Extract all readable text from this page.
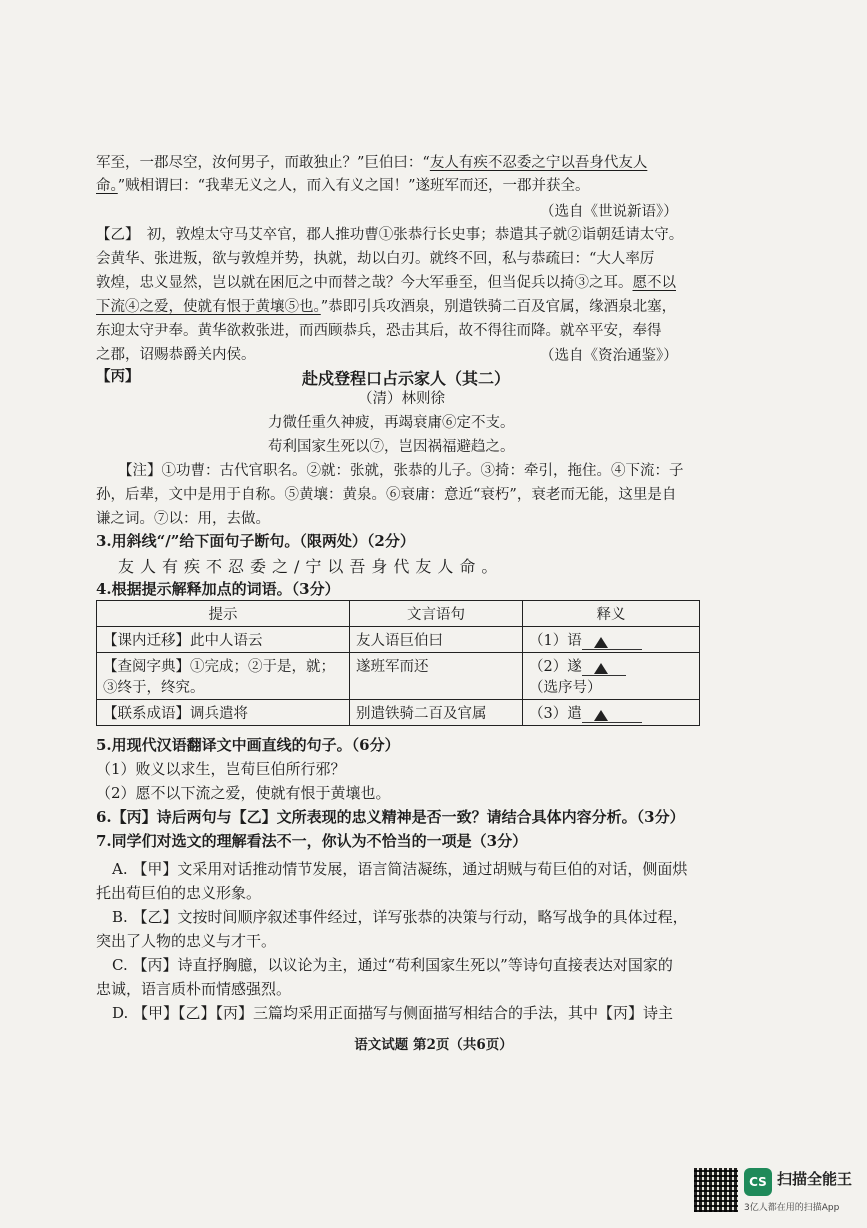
军至，一郡尽空，汝何男子，而敢独止？”巨伯曰：“友人有疾不忍委之宁以吾身代友人
命。”贼相谓曰：“我辈无义之人，而入有义之国！”遂班军而还，一郡并获全。
（选自《世说新语》）
【乙】　初，敦煌太守马艾卒官，郡人推功曹①张恭行长史事；恭遣其子就②诣朝廷请太守。
会黄华、张进叛，欲与敦煌并势，执就，劫以白刃。就终不回，私与恭疏曰：“大人率厉
敦煌，忠义显然，岂以就在困厄之中而替之哉？今大军垂至，但当促兵以掎③之耳。愿不以
下流④之爱，使就有恨于黄壤⑤也。”恭即引兵攻酒泉，别遣铁骑二百及官属，缘酒泉北塞，
东迎太守尹奉。黄华欲救张进，而西顾恭兵，恐击其后，故不得往而降。就卒平安，奉得
之郡，诏赐恭爵关内侯。	（选自《资治通鉴》）
【丙】	赴戍登程口占示家人（其二）
（清）林则徐
力微任重久神疲，再竭衰庸⑥定不支。
苟利国家生死以⑦，岂因祸福避趋之。
【注】①功曹：古代官职名。②就：张就，张恭的儿子。③掎：牵引，拖住。④下流：子
孙，后辈，文中是用于自称。⑤黄壤：黄泉。⑥衰庸：意近“衰朽”，衰老而无能，这里是自
谦之词。⑦以：用，去做。
3.用斜线“/”给下面句子断句。（限两处）（2分）
友人有疾不忍委之/宁以吾身代友人命。
4.根据提示解释加点的词语。（3分）
提示	文言语句	释义
【课内迁移】此中人语云	友人语巨伯曰	（1）语

【查阅字典】①完成；②于是，就；③终于，终究。	遂班军而还	（2）遂
（选序号）
【联系成语】调兵遣将	别遣铁骑二百及官属	（3）遣
5.用现代汉语翻译文中画直线的句子。（6分）
（1）败义以求生，岂荀巨伯所行邪？
（2）愿不以下流之爱，使就有恨于黄壤也。
6.【丙】诗后两句与【乙】文所表现的忠义精神是否一致？请结合具体内容分析。（3分）
7.同学们对选文的理解看法不一，你认为不恰当的一项是（3分）
A. 【甲】文采用对话推动情节发展，语言简洁凝练，通过胡贼与荀巨伯的对话，侧面烘
托出荀巨伯的忠义形象。
B. 【乙】文按时间顺序叙述事件经过，详写张恭的决策与行动，略写战争的具体过程，
突出了人物的忠义与才干。
C. 【丙】诗直抒胸臆，以议论为主，通过“苟利国家生死以”等诗句直接表达对国家的
忠诚，语言质朴而情感强烈。
D. 【甲】【乙】【丙】三篇均采用正面描写与侧面描写相结合的手法，其中【丙】诗主
语文试题 第2页（共6页）
CS 扫描全能王
3亿人都在用的扫描App
